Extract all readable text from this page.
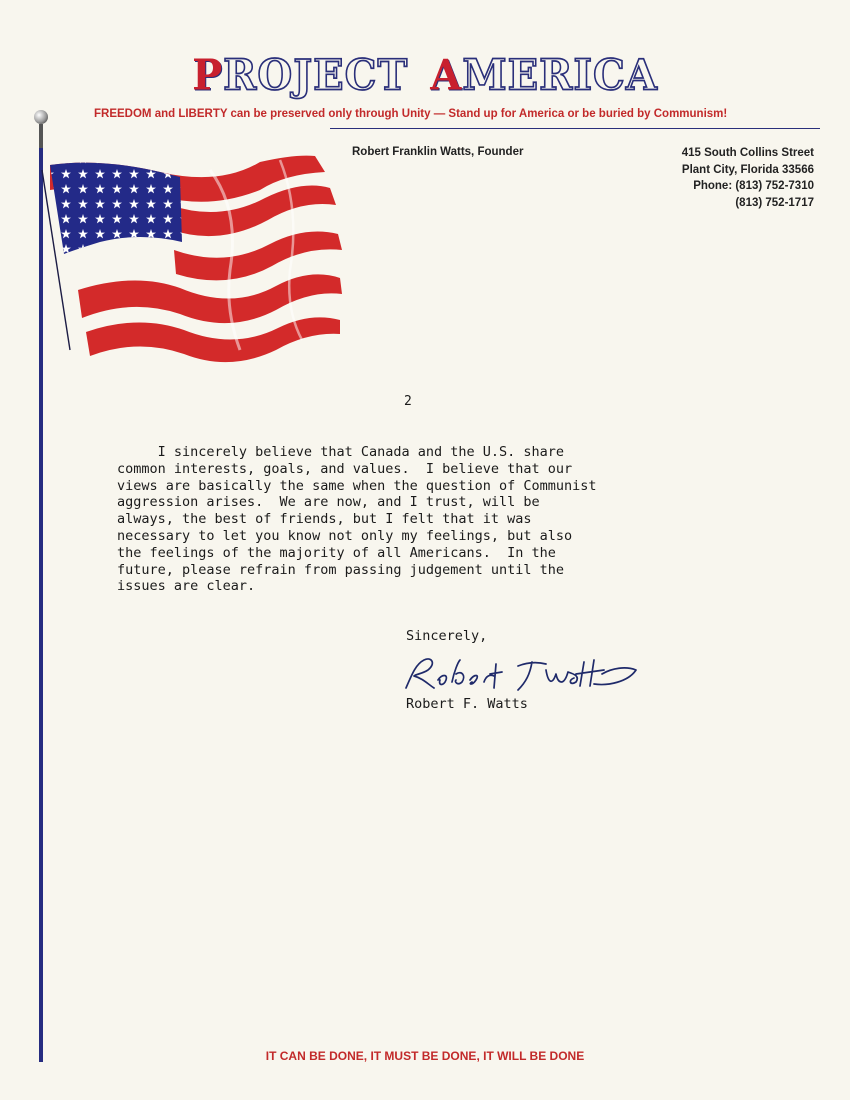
PROJECT AMERICA
FREEDOM and LIBERTY can be preserved only through Unity — Stand up for America or be buried by Communism!
Robert Franklin Watts, Founder	415 South Collins Street
Plant City, Florida 33566
Phone: (813) 752-7310
(813) 752-1717
2

I sincerely believe that Canada and the U.S. share

common interests, goals, and values.  I believe that our

views are basically the same when the question of Communist

aggression arises.  We are now, and I trust, will be

always, the best of friends, but I felt that it was

necessary to let you know not only my feelings, but also

the feelings of the majority of all Americans.  In the

future, please refrain from passing judgement until the

issues are clear.

Sincerely,
Robert F. Watts
IT CAN BE DONE, IT MUST BE DONE, IT WILL BE DONE
